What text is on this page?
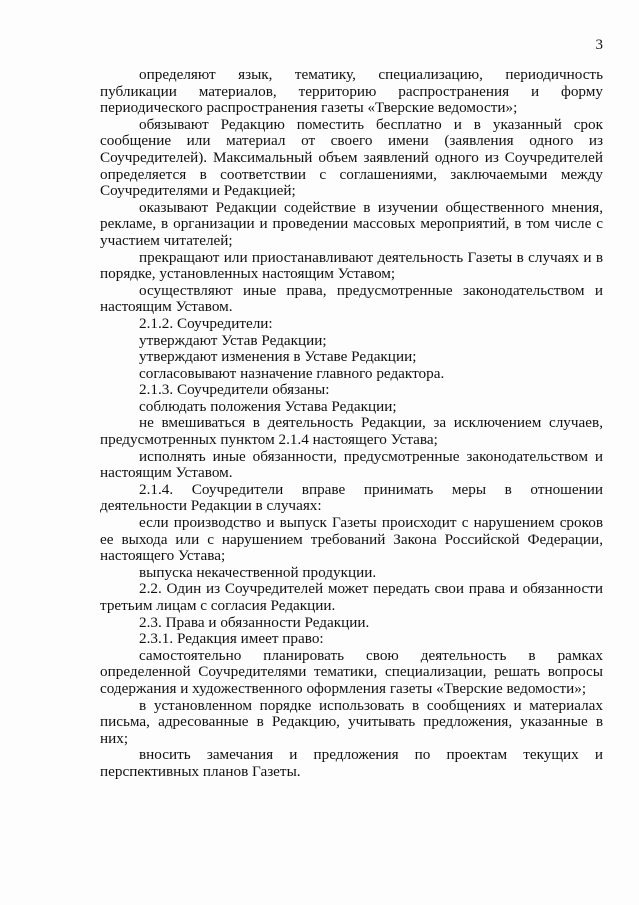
3

определяют язык, тематику, специализацию, периодичность публикации материалов, территорию распространения и форму периодического распространения газеты «Тверские ведомости»;

обязывают Редакцию поместить бесплатно и в указанный срок сообщение или материал от своего имени (заявления одного из Соучредителей). Максимальный объем заявлений одного из Соучредителей определяется в соответствии с соглашениями, заключаемыми между Соучредителями и Редакцией;

оказывают Редакции содействие в изучении общественного мнения, рекламе, в организации и проведении массовых мероприятий, в том числе с участием читателей;

прекращают или приостанавливают деятельность Газеты в случаях и в порядке, установленных настоящим Уставом;

осуществляют иные права, предусмотренные законодательством и настоящим Уставом.

2.1.2. Соучредители:

утверждают Устав Редакции;

утверждают изменения в Уставе Редакции;

согласовывают назначение главного редактора.

2.1.3. Соучредители обязаны:

соблюдать положения Устава Редакции;

не вмешиваться в деятельность Редакции, за исключением случаев, предусмотренных пунктом 2.1.4 настоящего Устава;

исполнять иные обязанности, предусмотренные законодательством и настоящим Уставом.

2.1.4. Соучредители вправе принимать меры в отношении деятельности Редакции в случаях:

если производство и выпуск Газеты происходит с нарушением сроков ее выхода или с нарушением требований Закона Российской Федерации, настоящего Устава;

выпуска некачественной продукции.

2.2. Один из Соучредителей может передать свои права и обязанности третьим лицам с согласия Редакции.

2.3. Права и обязанности Редакции.

2.3.1. Редакция имеет право:

самостоятельно планировать свою деятельность в рамках определенной Соучредителями тематики, специализации, решать вопросы содержания и художественного оформления газеты «Тверские ведомости»;

в установленном порядке использовать в сообщениях и материалах письма, адресованные в Редакцию, учитывать предложения, указанные в них;

вносить замечания и предложения по проектам текущих и перспективных планов Газеты.
